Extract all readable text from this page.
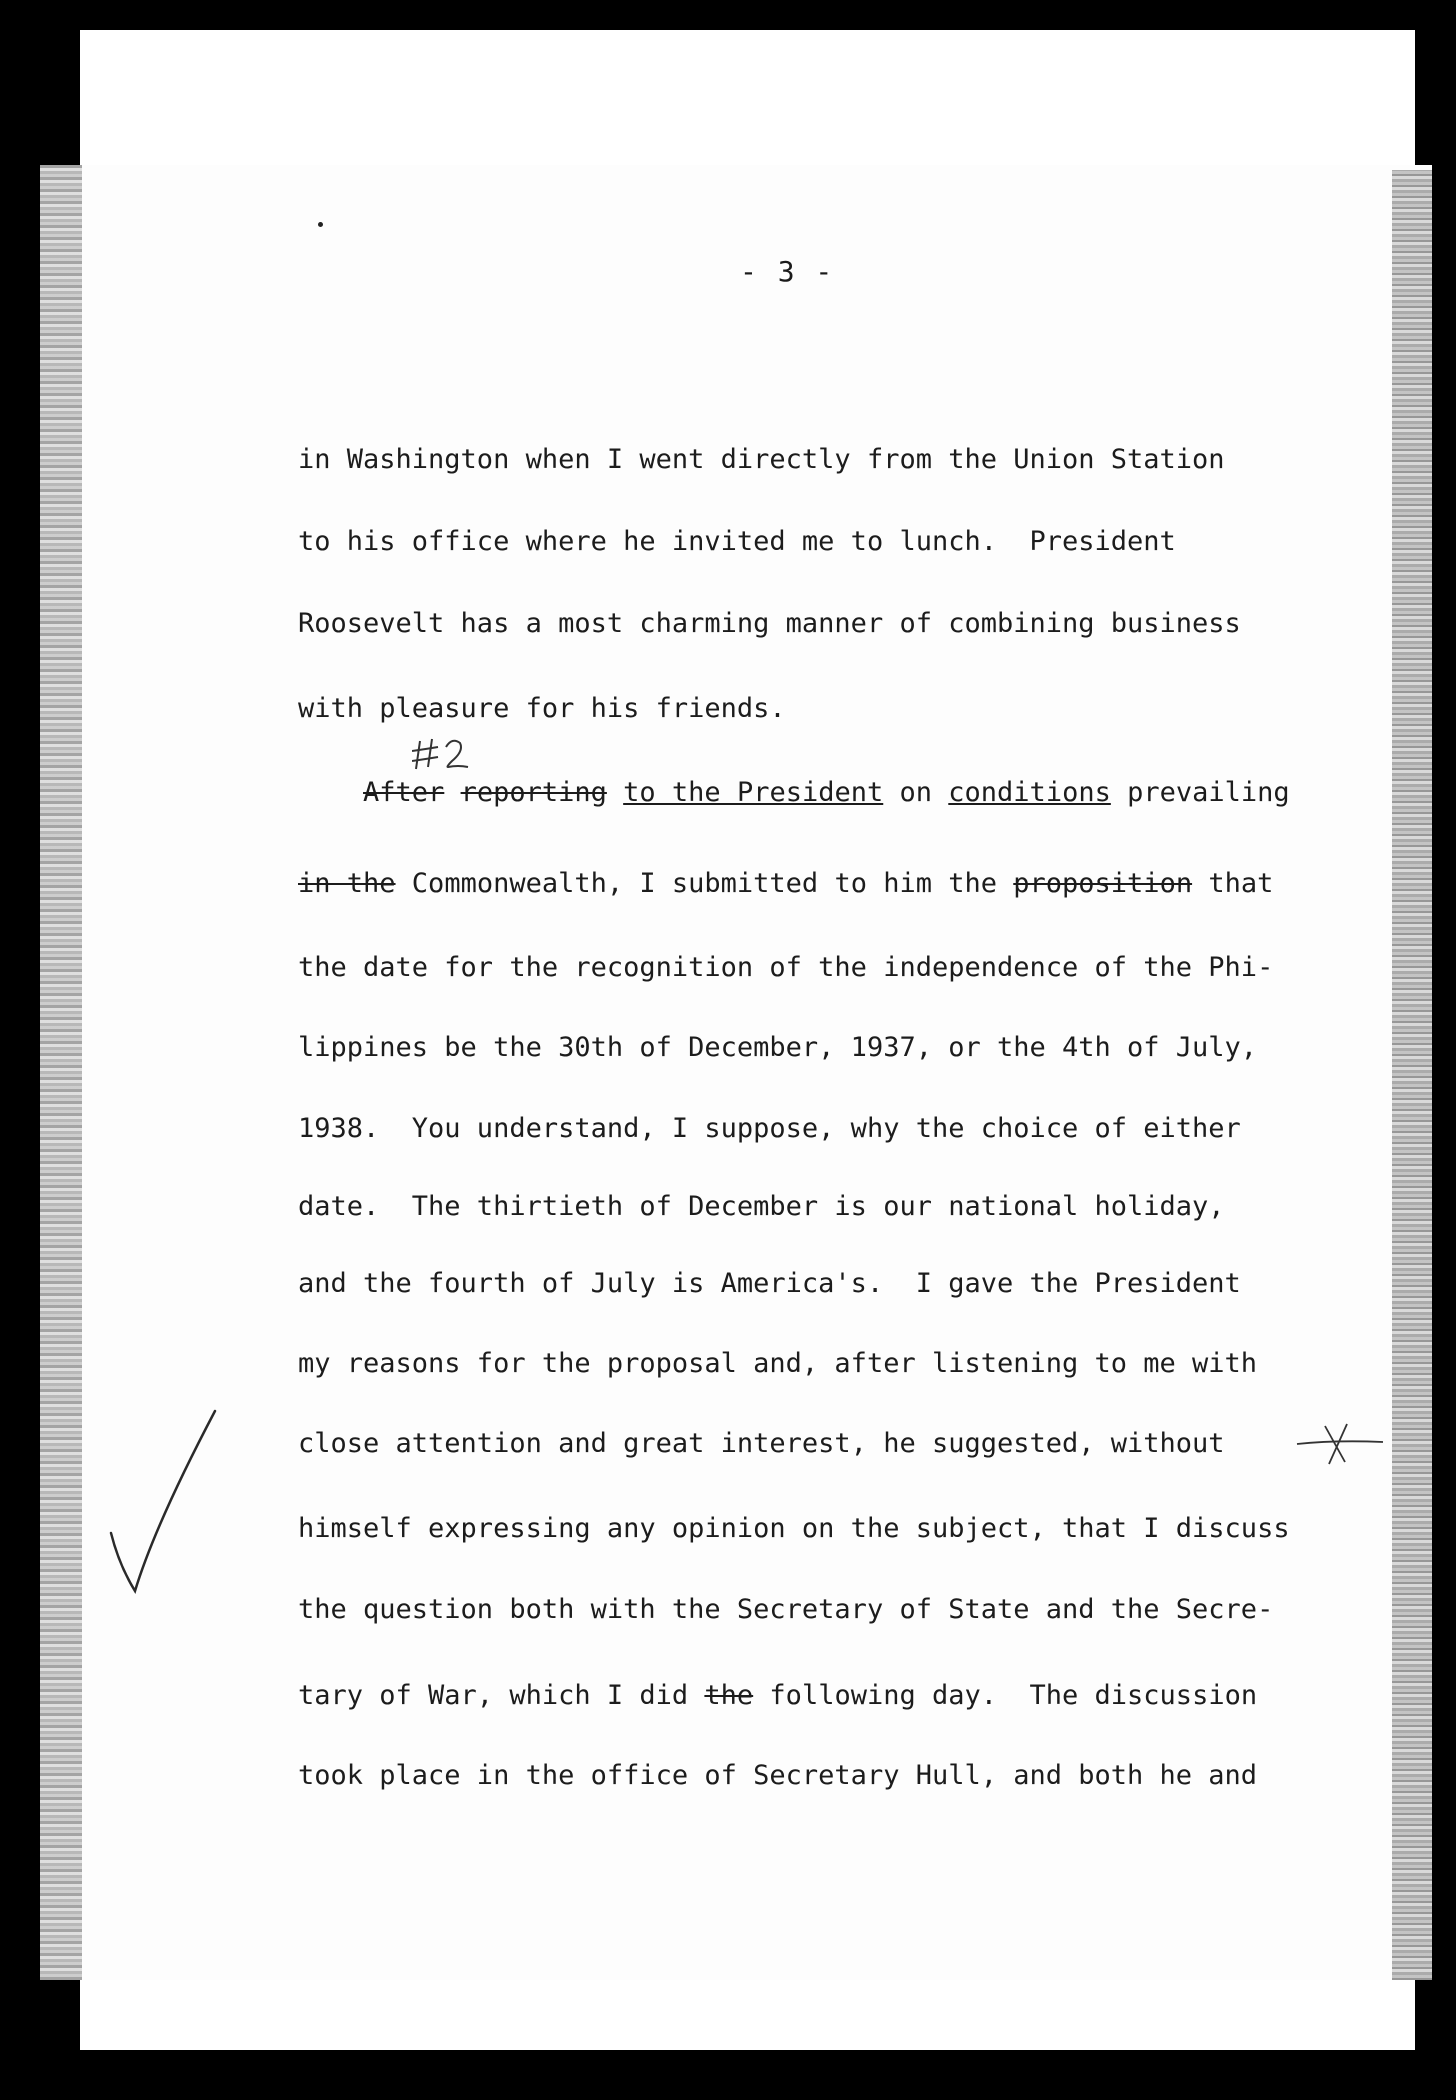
- 3 -

in Washington when I went directly from the Union Station

to his office where he invited me to lunch.  President

Roosevelt has a most charming manner of combining business

with pleasure for his friends.

After reporting to the President on conditions prevailing

in the Commonwealth, I submitted to him the proposition that

the date for the recognition of the independence of the Phi-

lippines be the 30th of December, 1937, or the 4th of July,

1938.  You understand, I suppose, why the choice of either

date.  The thirtieth of December is our national holiday,

and the fourth of July is America's.  I gave the President

my reasons for the proposal and, after listening to me with

close attention and great interest, he suggested, without

himself expressing any opinion on the subject, that I discuss

the question both with the Secretary of State and the Secre-

tary of War, which I did the following day.  The discussion

took place in the office of Secretary Hull, and both he and
